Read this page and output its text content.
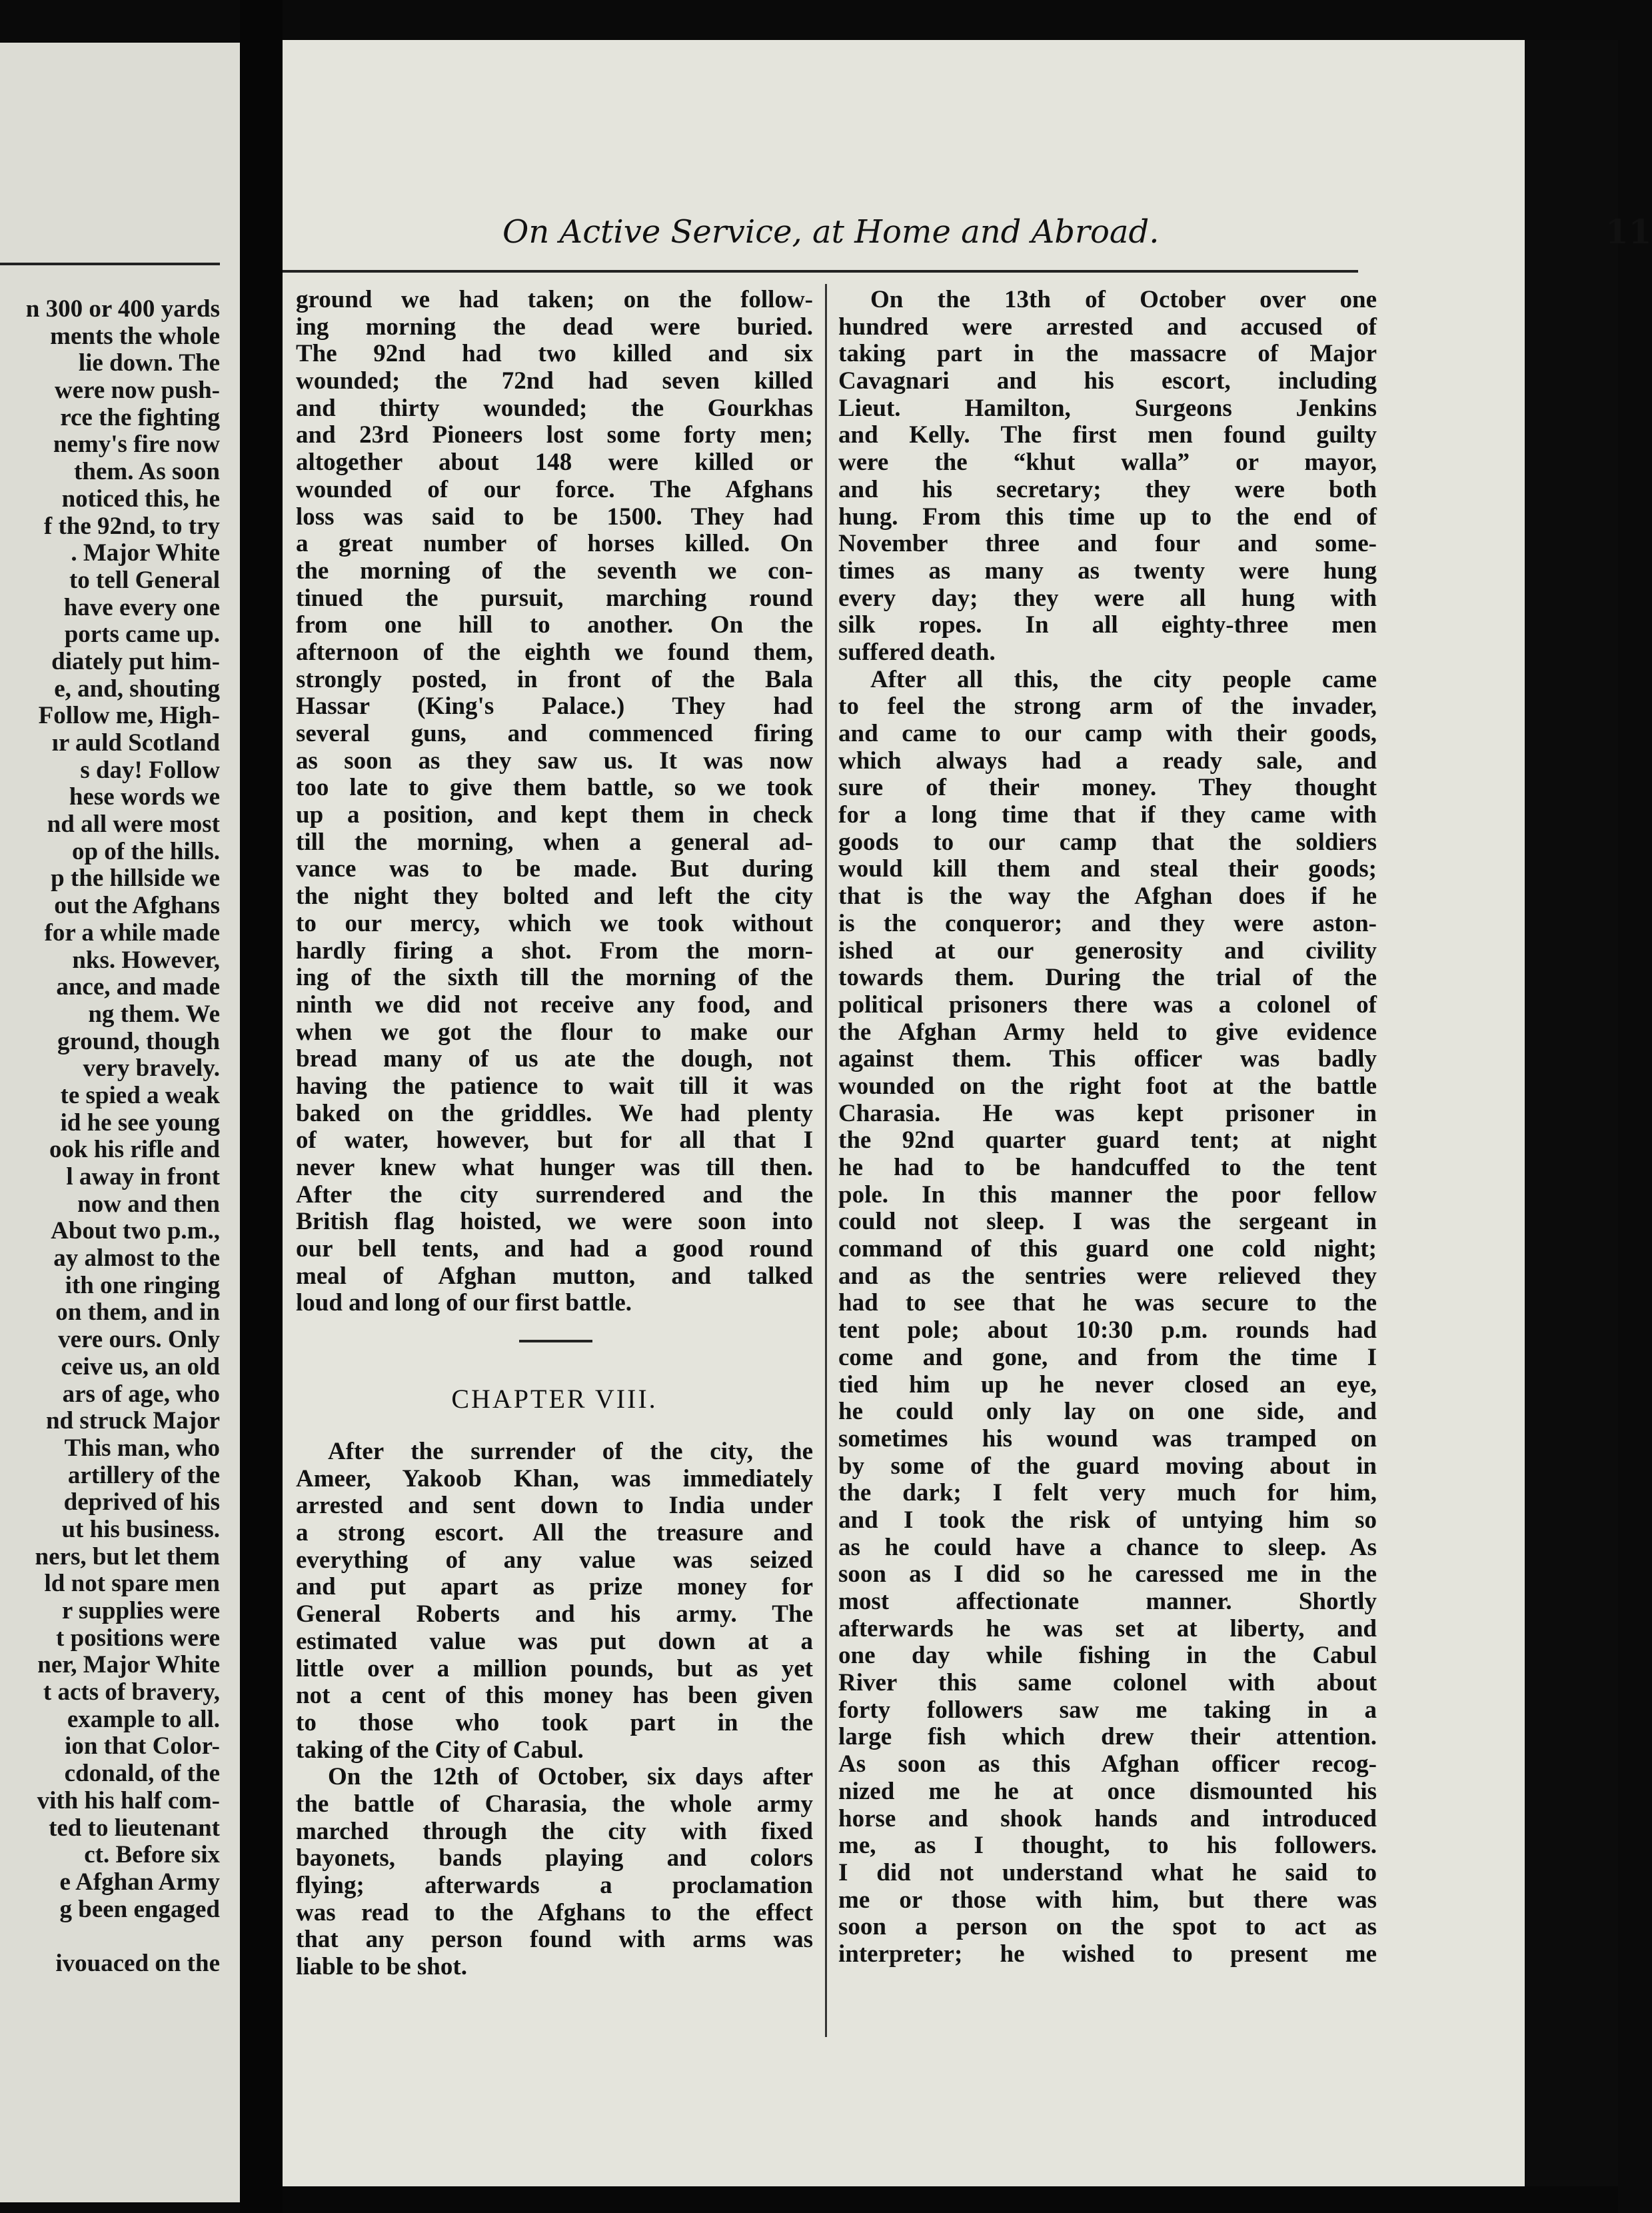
n 300 or 400 yards
ments the whole
lie down. The
were now push-
rce the fighting
nemy's fire now
them. As soon
noticed this, he
f the 92nd, to try
. Major White
to tell General
have every one
ports came up.
diately put him-
e, and, shouting
Follow me, High-
ır auld Scotland
s day! Follow
hese words we
nd all were most
op of the hills.
p the hillside we
out the Afghans
for a while made
nks. However,
ance, and made
ng them. We
ground, though
very bravely.
te spied a weak
id he see young
ook his rifle and
l away in front
now and then
About two p.m.,
ay almost to the
ith one ringing
on them, and in
vere ours. Only
ceive us, an old
ars of age, who
nd struck Major
This man, who
artillery of the
deprived of his
ut his business.
ners, but let them
ld not spare men
r supplies were
t positions were
ner, Major White
t acts of bravery,
example to all.
ion that Color-
cdonald, of the
vith his half com-
ted to lieutenant
ct. Before six
e Afghan Army
g been engaged
ivouaced on the
On Active Service, at Home and Abroad.	11
ground we had taken; on the follow-
ing morning the dead were buried.
The 92nd had two killed and six
wounded; the 72nd had seven killed
and thirty wounded; the Gourkhas
and 23rd Pioneers lost some forty men;
altogether about 148 were killed or
wounded of our force. The Afghans
loss was said to be 1500. They had
a great number of horses killed. On
the morning of the seventh we con-
tinued the pursuit, marching round
from one hill to another. On the
afternoon of the eighth we found them,
strongly posted, in front of the Bala
Hassar (King's Palace.) They had
several guns, and commenced firing
as soon as they saw us. It was now
too late to give them battle, so we took
up a position, and kept them in check
till the morning, when a general ad-
vance was to be made. But during
the night they bolted and left the city
to our mercy, which we took without
hardly firing a shot. From the morn-
ing of the sixth till the morning of the
ninth we did not receive any food, and
when we got the flour to make our
bread many of us ate the dough, not
having the patience to wait till it was
baked on the griddles. We had plenty
of water, however, but for all that I
never knew what hunger was till then.
After the city surrendered and the
British flag hoisted, we were soon into
our bell tents, and had a good round
meal of Afghan mutton, and talked
loud and long of our first battle.
CHAPTER VIII.
After the surrender of the city, the
Ameer, Yakoob Khan, was immediately
arrested and sent down to India under
a strong escort. All the treasure and
everything of any value was seized
and put apart as prize money for
General Roberts and his army. The
estimated value was put down at a
little over a million pounds, but as yet
not a cent of this money has been given
to those who took part in the
taking of the City of Cabul.
On the 12th of October, six days after
the battle of Charasia, the whole army
marched through the city with fixed
bayonets, bands playing and colors
flying; afterwards a proclamation
was read to the Afghans to the effect
that any person found with arms was
liable to be shot.
On the 13th of October over one
hundred were arrested and accused of
taking part in the massacre of Major
Cavagnari and his escort, including
Lieut. Hamilton, Surgeons Jenkins
and Kelly. The first men found guilty
were the “khut walla” or mayor,
and his secretary; they were both
hung. From this time up to the end of
November three and four and some-
times as many as twenty were hung
every day; they were all hung with
silk ropes. In all eighty-three men
suffered death.
After all this, the city people came
to feel the strong arm of the invader,
and came to our camp with their goods,
which always had a ready sale, and
sure of their money. They thought
for a long time that if they came with
goods to our camp that the soldiers
would kill them and steal their goods;
that is the way the Afghan does if he
is the conqueror; and they were aston-
ished at our generosity and civility
towards them. During the trial of the
political prisoners there was a colonel of
the Afghan Army held to give evidence
against them. This officer was badly
wounded on the right foot at the battle
Charasia. He was kept prisoner in
the 92nd quarter guard tent; at night
he had to be handcuffed to the tent
pole. In this manner the poor fellow
could not sleep. I was the sergeant in
command of this guard one cold night;
and as the sentries were relieved they
had to see that he was secure to the
tent pole; about 10:30 p.m. rounds had
come and gone, and from the time I
tied him up he never closed an eye,
he could only lay on one side, and
sometimes his wound was tramped on
by some of the guard moving about in
the dark; I felt very much for him,
and I took the risk of untying him so
as he could have a chance to sleep. As
soon as I did so he caressed me in the
most affectionate manner. Shortly
afterwards he was set at liberty, and
one day while fishing in the Cabul
River this same colonel with about
forty followers saw me taking in a
large fish which drew their attention.
As soon as this Afghan officer recog-
nized me he at once dismounted his
horse and shook hands and introduced
me, as I thought, to his followers.
I did not understand what he said to
me or those with him, but there was
soon a person on the spot to act as
interpreter; he wished to present me
